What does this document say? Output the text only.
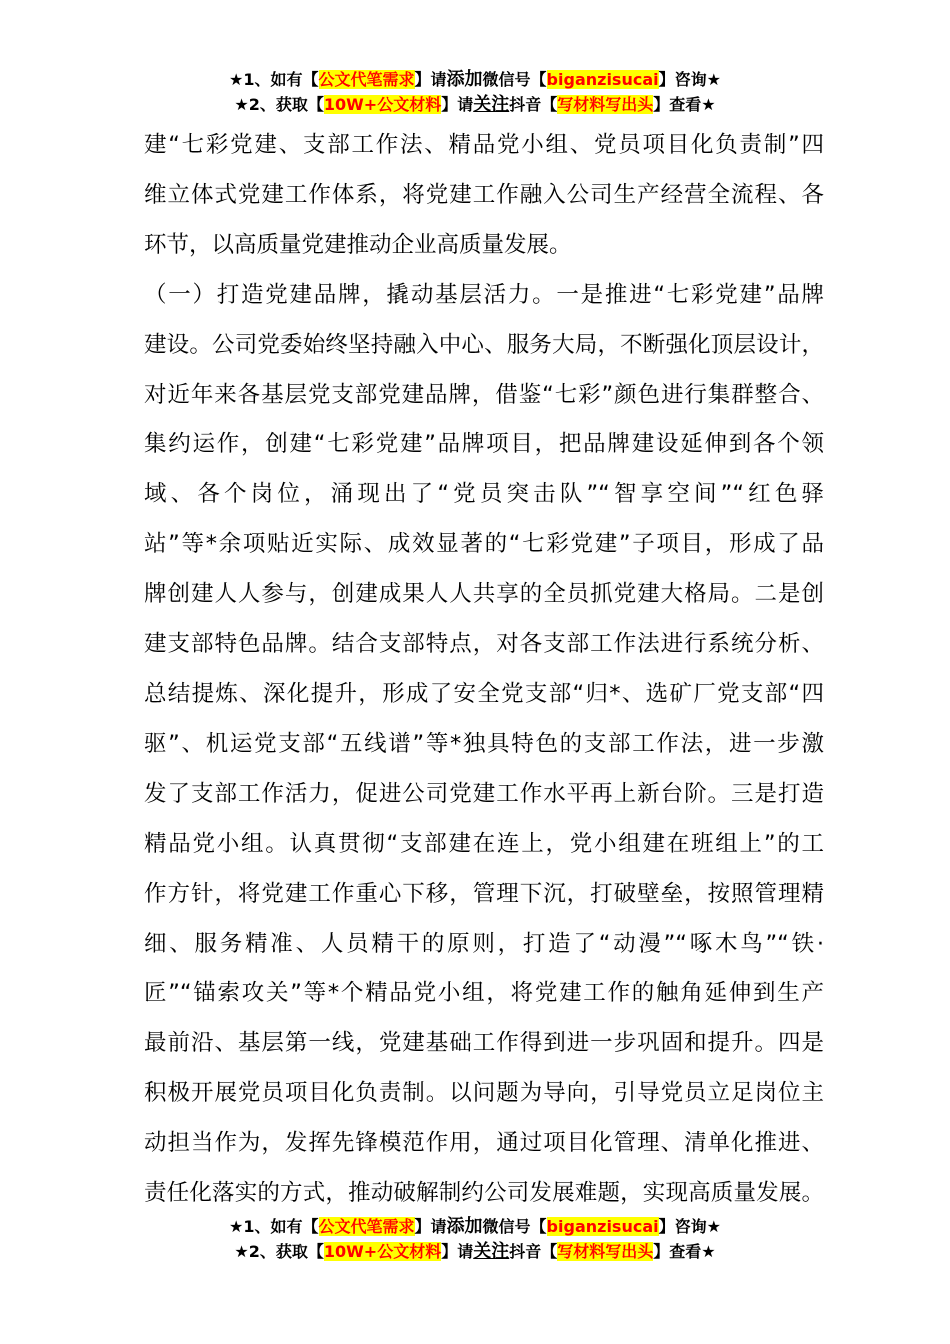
★1、如有【公文代笔需求】请添加微信号【biganzisucai】咨询★
★2、获取【10W+公文材料】请关注抖音【写材料写出头】查看★
建“七彩党建、支部工作法、精品党小组、党员项目化负责制”四
维立体式党建工作体系，将党建工作融入公司生产经营全流程、各
环节，以高质量党建推动企业高质量发展。
（一）打造党建品牌，撬动基层活力。一是推进“七彩党建”品牌
建设。公司党委始终坚持融入中心、服务大局，不断强化顶层设计，
对近年来各基层党支部党建品牌，借鉴“七彩”颜色进行集群整合、
集约运作，创建“七彩党建”品牌项目，把品牌建设延伸到各个领
域、各个岗位，涌现出了“党员突击队”“智享空间”“红色驿
站”等*余项贴近实际、成效显著的“七彩党建”子项目，形成了品
牌创建人人参与，创建成果人人共享的全员抓党建大格局。二是创
建支部特色品牌。结合支部特点，对各支部工作法进行系统分析、
总结提炼、深化提升，形成了安全党支部“归*、选矿厂党支部“四
驱”、机运党支部“五线谱”等*独具特色的支部工作法，进一步激
发了支部工作活力，促进公司党建工作水平再上新台阶。三是打造
精品党小组。认真贯彻“支部建在连上，党小组建在班组上”的工
作方针，将党建工作重心下移，管理下沉，打破壁垒，按照管理精
细、服务精准、人员精干的原则，打造了“动漫”“啄木鸟”“铁·
匠”“锚索攻关”等*个精品党小组，将党建工作的触角延伸到生产
最前沿、基层第一线，党建基础工作得到进一步巩固和提升。四是
积极开展党员项目化负责制。以问题为导向，引导党员立足岗位主
动担当作为，发挥先锋模范作用，通过项目化管理、清单化推进、
责任化落实的方式，推动破解制约公司发展难题，实现高质量发展。
★1、如有【公文代笔需求】请添加微信号【biganzisucai】咨询★
★2、获取【10W+公文材料】请关注抖音【写材料写出头】查看★
